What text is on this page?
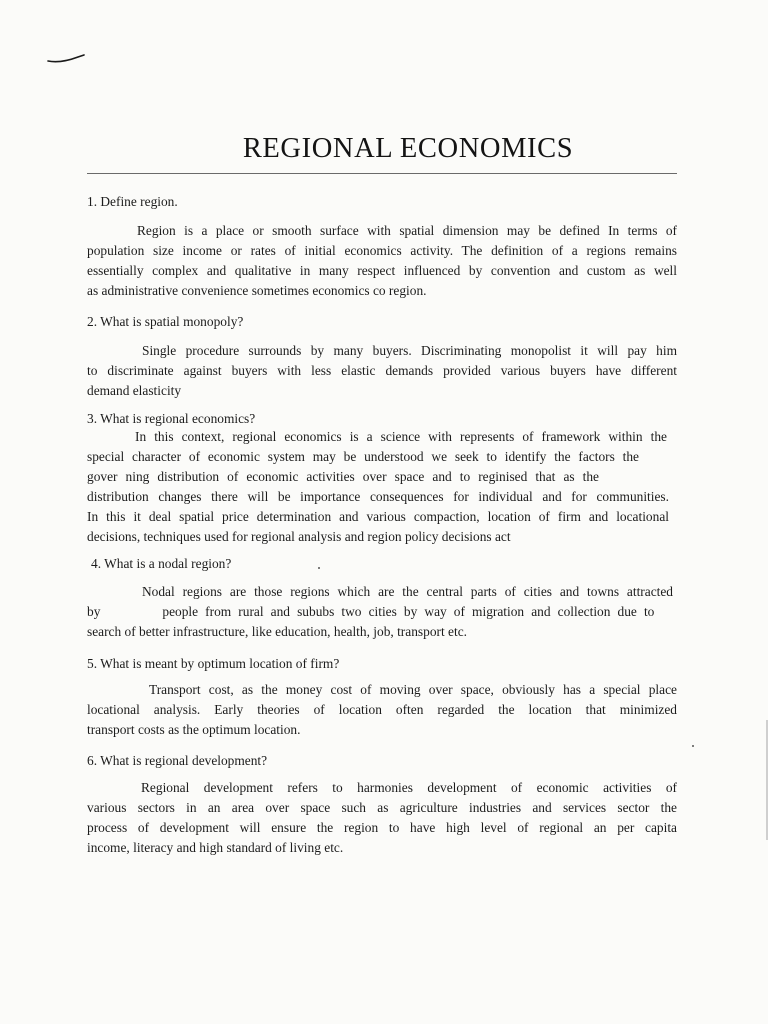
REGIONAL ECONOMICS
1. Define region.
Region is a place or smooth surface with spatial dimension may be defined In terms of
population size income or rates of initial economics activity. The definition of a regions remains
essentially complex and qualitative in many respect influenced by convention and custom as well
as administrative convenience sometimes economics co region.
2. What is spatial monopoly?
Single procedure surrounds by many buyers. Discriminating monopolist it will pay him
to discriminate against buyers with less elastic demands provided various buyers have different
demand elasticity
3. What is regional economics?
In this context, regional economics is a science with represents of framework within the
special character of economic system may be understood we seek to identify the factors the
gover ning distribution of economic activities over space and to reginised that as the
distribution changes there will be importance consequences for individual and for communities.
In this it deal spatial price determination and various compaction, location of firm and locational
decisions, techniques used for regional analysis and region policy decisions act
4. What is a nodal region?
Nodal regions are those regions which are the central parts of cities and towns attracted
by	people from rural and sububs two cities by way of migration and collection due to
search of better infrastructure, like education, health, job, transport etc.
5. What is meant by optimum location of firm?
Transport cost, as the money cost of moving over space, obviously has a special place
locational analysis. Early theories of location often regarded the location that minimized
transport costs as the optimum location.
6. What is regional development?
Regional development refers to harmonies development of economic activities of
various sectors in an area over space such as agriculture industries and services sector the
process of development will ensure the region to have high level of regional an per capita
income, literacy and high standard of living etc.
